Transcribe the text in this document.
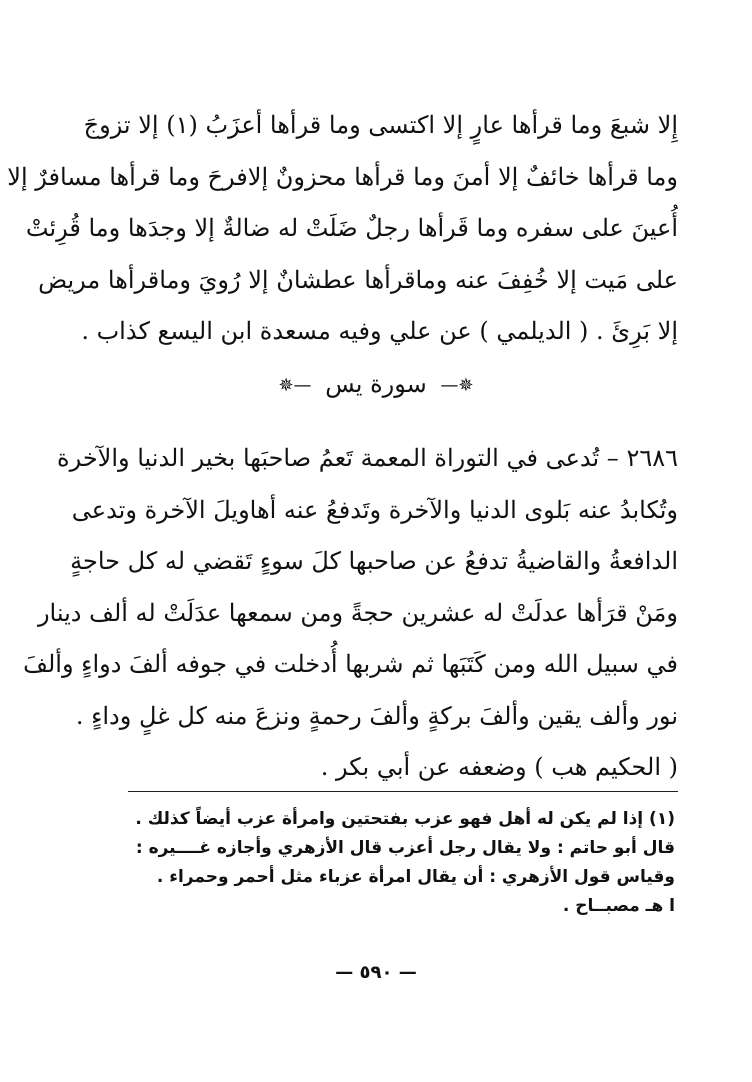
إِلا شبعَ وما قرأها عارٍ إلا اكتسى وما قرأها أعزَبُ (١) إلا تزوجَ
وما قرأها خائفٌ إلا أمنَ وما قرأها محزونٌ إلافرحَ وما قرأها مسافرٌ إلا
أُعينَ على سفره وما قَرأها رجلٌ ضَلَتْ له ضالةٌ إلا وجدَها وما قُرِئتْ
على مَيت إلا خُفِفَ عنه وماقرأها عطشانٌ إلا رُويَ وماقرأها مريض
إلا بَرِئَ . ( الديلمي ) عن علي وفيه مسعدة ابن اليسع كذاب .
✵— سورة يس —✵
٢٦٨٦ – تُدعى في التوراة المعمة تَعمُ صاحبَها بخير الدنيا والآخرة
وتُكابدُ عنه بَلوى الدنيا والآخرة وتَدفعُ عنه أهاويلَ الآخرة وتدعى
الدافعةُ والقاضيةُ تدفعُ عن صاحبها كلَ سوءٍ تَقضي له كل حاجةٍ
ومَنْ قرَأها عدلَتْ له عشرين حجةً ومن سمعها عدَلَتْ له ألف دينار
في سبيل الله ومن كَتَبَها ثم شربها أُدخلت في جوفه ألفَ دواءٍ وألفَ
نور وألف يقين وألفَ بركةٍ وألفَ رحمةٍ ونزعَ منه كل غلٍ وداءٍ .
( الحكيم هب ) وضعفه عن أبي بكر .
(١) إذا لم يكن له أهل فهو عزب بفتحتين وامرأة عزب أيضاً كذلك .
قال أبو حاتم : ولا يقال رجل أعزب قال الأزهري وأجازه غــــيره :
وقياس قول الأزهري : أن يقال امرأة عزباء مثل أحمر وحمراء .
ا هـ مصبــاح .
— ٥٩٠ —
